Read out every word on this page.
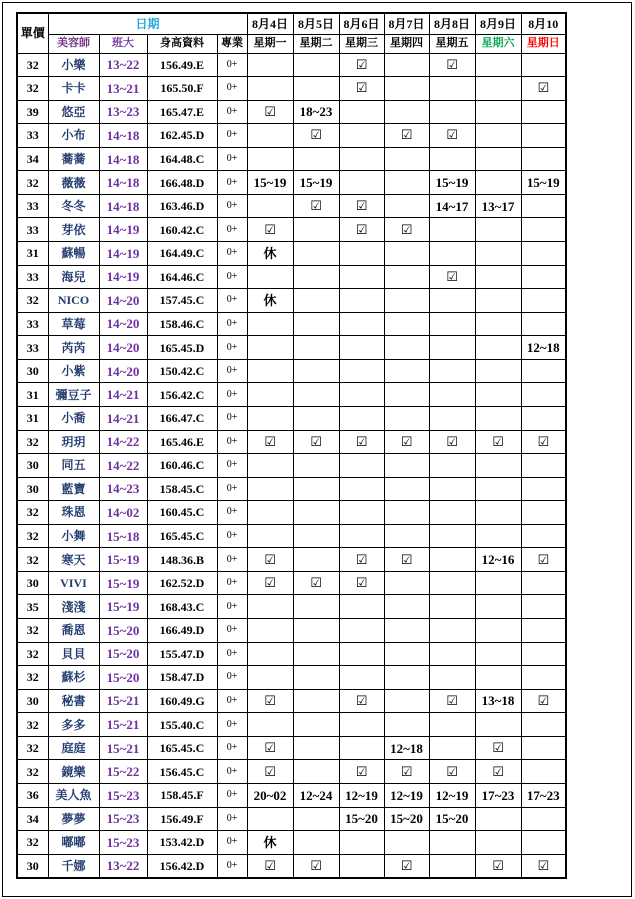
單價	日期				8月4日	8月5日	8月6日	8月7日	8月8日	8月9日	8月10
	美容師	班大	身高資料	專業	星期一	星期二	星期三	星期四	星期五	星期六	星期日
32	小樂	13~22	156.49.E	0+			☑		☑		
32	卡卡	13~21	165.50.F	0+			☑				☑
39	悠亞	13~23	165.47.E	0+	☑	18~23					
33	小布	14~18	162.45.D	0+		☑		☑	☑		
34	蕎蕎	14~18	164.48.C	0+							
32	薇薇	14~18	166.48.D	0+	15~19	15~19			15~19		15~19
33	冬冬	14~18	163.46.D	0+		☑	☑		14~17	13~17	
33	芽依	14~19	160.42.C	0+	☑		☑	☑			
31	蘇暢	14~19	164.49.C	0+	休						
33	海兒	14~19	164.46.C	0+					☑		
32	NICO	14~20	157.45.C	0+	休						
33	草莓	14~20	158.46.C	0+							
33	芮芮	14~20	165.45.D	0+							12~18
30	小紫	14~20	150.42.C	0+							
31	彌豆子	14~21	156.42.C	0+							
31	小喬	14~21	166.47.C	0+							
32	玥玥	14~22	165.46.E	0+	☑	☑	☑	☑	☑	☑	☑
30	同五	14~22	160.46.C	0+							
30	藍寶	14~23	158.45.C	0+							
32	珠恩	14~02	160.45.C	0+							
32	小舞	15~18	165.45.C	0+							
32	寒天	15~19	148.36.B	0+	☑		☑	☑		12~16	☑
30	VIVI	15~19	162.52.D	0+	☑	☑	☑				
35	淺淺	15~19	168.43.C	0+							
32	喬恩	15~20	166.49.D	0+							
32	貝貝	15~20	155.47.D	0+							
32	蘇杉	15~20	158.47.D	0+							
30	秘書	15~21	160.49.G	0+	☑		☑		☑	13~18	☑
32	多多	15~21	155.40.C	0+							
32	庭庭	15~21	165.45.C	0+	☑			12~18		☑	
32	鏡樂	15~22	156.45.C	0+	☑		☑	☑	☑	☑	
36	美人魚	15~23	158.45.F	0+	20~02	12~24	12~19	12~19	12~19	17~23	17~23
34	夢夢	15~23	156.49.F	0+			15~20	15~20	15~20		
32	嘟嘟	15~23	153.42.D	0+	休						
30	千娜	13~22	156.42.D	0+	☑	☑		☑		☑	☑
